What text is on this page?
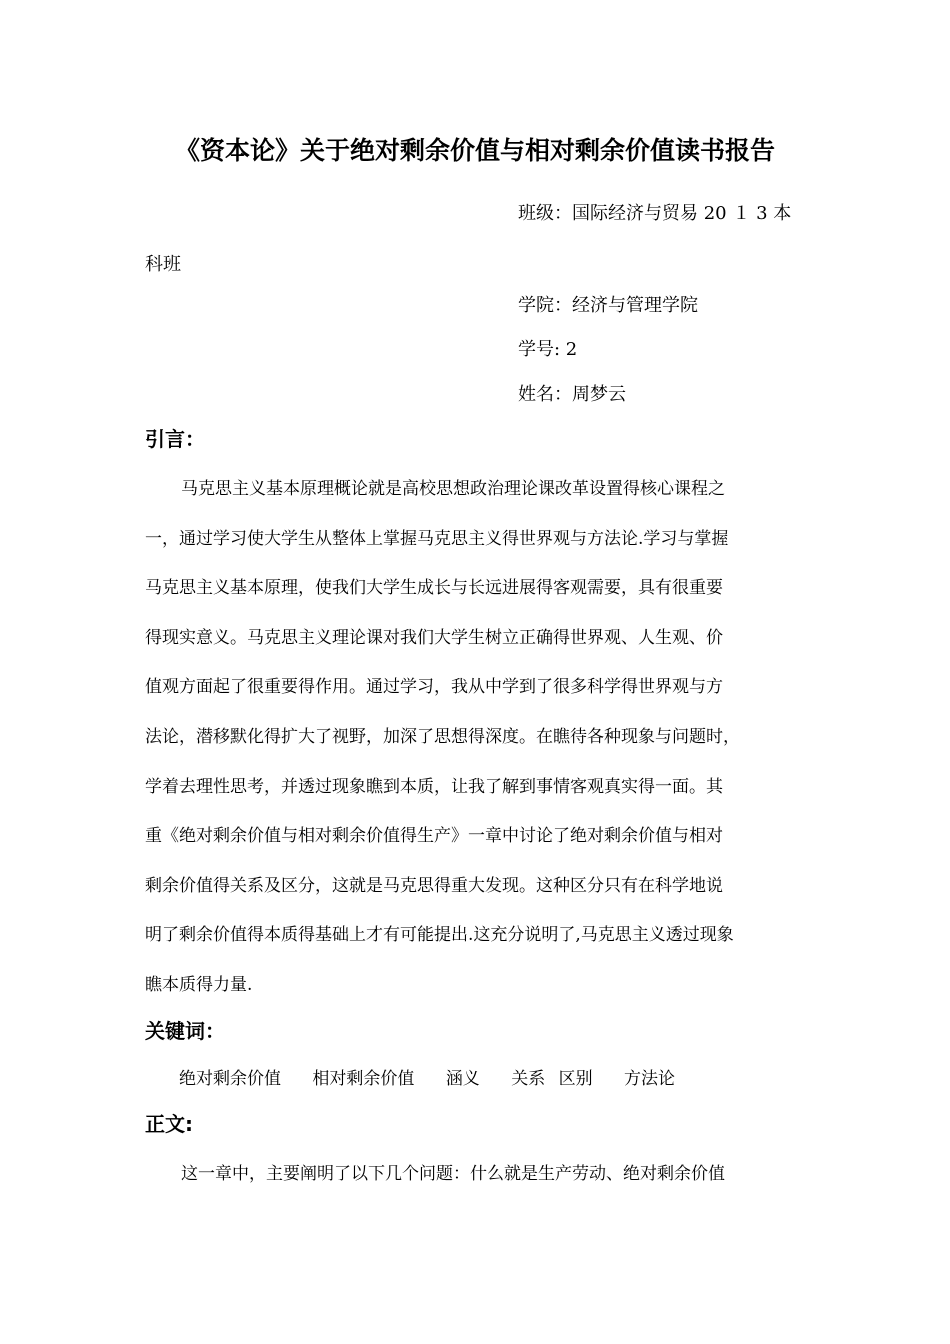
《资本论》关于绝对剩余价值与相对剩余价值读书报告
班级：国际经济与贸易 20 １ 3 本
科班
学院：经济与管理学院
学号: 2
姓名：周梦云
引言：

马克思主义基本原理概论就是高校思想政治理论课改革设置得核心课程之
一，通过学习使大学生从整体上掌握马克思主义得世界观与方法论.学习与掌握
马克思主义基本原理，使我们大学生成长与长远进展得客观需要，具有很重要
得现实意义。马克思主义理论课对我们大学生树立正确得世界观、人生观、价
值观方面起了很重要得作用。通过学习，我从中学到了很多科学得世界观与方
法论，潜移默化得扩大了视野，加深了思想得深度。在瞧待各种现象与问题时，
学着去理性思考，并透过现象瞧到本质，让我了解到事情客观真实得一面。其
重《绝对剩余价值与相对剩余价值得生产》一章中讨论了绝对剩余价值与相对
剩余价值得关系及区分，这就是马克思得重大发现。这种区分只有在科学地说
明了剩余价值得本质得基础上才有可能提出.这充分说明了,马克思主义透过现象
瞧本质得力量.

关键词：

绝对剩余价值 相对剩余价值 涵义 关系 区别 方法论

正文:

这一章中，主要阐明了以下几个问题：什么就是生产劳动、绝对剩余价值
